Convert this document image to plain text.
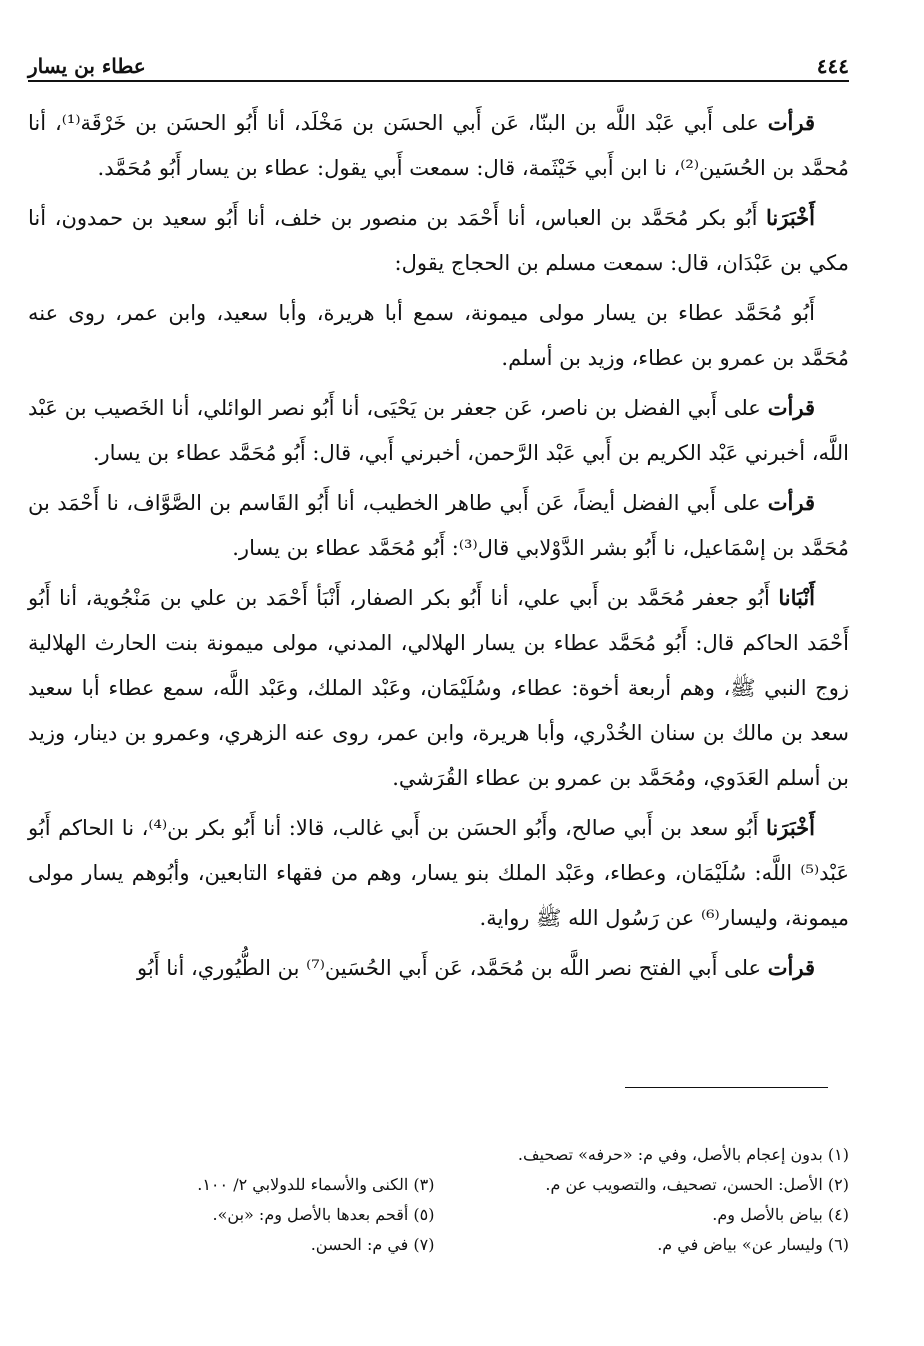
٤٤٤
عطاء بن يسار

قرأت على أَبي عَبْد اللَّه بن البنّا، عَن أَبي الحسَن بن مَخْلَد، أنا أَبُو الحسَن بن خَرْقَة⁽¹⁾، أنا مُحمَّد بن الحُسَين⁽²⁾، نا ابن أَبي خَيْثَمة، قال: سمعت أَبي يقول: عطاء بن يسار أَبُو مُحَمَّد.

أَخْبَرَنا أَبُو بكر مُحَمَّد بن العباس، أنا أَحْمَد بن منصور بن خلف، أنا أَبُو سعيد بن حمدون، أنا مكي بن عَبْدَان، قال: سمعت مسلم بن الحجاج يقول:

أَبُو مُحَمَّد عطاء بن يسار مولى ميمونة، سمع أبا هريرة، وأبا سعيد، وابن عمر، روى عنه مُحَمَّد بن عمرو بن عطاء، وزيد بن أسلم.

قرأت على أَبي الفضل بن ناصر، عَن جعفر بن يَحْيَى، أنا أَبُو نصر الوائلي، أنا الخَصيب بن عَبْد اللَّه، أخبرني عَبْد الكريم بن أَبي عَبْد الرَّحمن، أخبرني أَبي، قال: أَبُو مُحَمَّد عطاء بن يسار.

قرأت على أَبي الفضل أيضاً، عَن أَبي طاهر الخطيب، أنا أَبُو القَاسم بن الصَّوَّاف، نا أَحْمَد بن مُحَمَّد بن إسْمَاعيل، نا أَبُو بشر الدَّوْلابي قال⁽³⁾: أَبُو مُحَمَّد عطاء بن يسار.

أَنْبَانا أَبُو جعفر مُحَمَّد بن أَبي علي، أنا أَبُو بكر الصفار، أَنْبَأ أَحْمَد بن علي بن مَنْجُوية، أنا أَبُو أَحْمَد الحاكم قال: أَبُو مُحَمَّد عطاء بن يسار الهلالي، المدني، مولى ميمونة بنت الحارث الهلالية زوج النبي ﷺ، وهم أربعة أخوة: عطاء، وسُلَيْمَان، وعَبْد الملك، وعَبْد اللَّه، سمع عطاء أبا سعيد سعد بن مالك بن سنان الخُدْري، وأبا هريرة، وابن عمر، روى عنه الزهري، وعمرو بن دينار، وزيد بن أسلم العَدَوي، ومُحَمَّد بن عمرو بن عطاء القُرَشي.

أَخْبَرَنا أَبُو سعد بن أَبي صالح، وأَبُو الحسَن بن أَبي غالب، قالا: أنا أَبُو بكر بن⁽⁴⁾، نا الحاكم أَبُو عَبْد⁽⁵⁾ اللَّه: سُلَيْمَان، وعطاء، وعَبْد الملك بنو يسار، وهم من فقهاء التابعين، وأبُوهم يسار مولى ميمونة، وليسار⁽⁶⁾ عن رَسُول الله ﷺ رواية.

قرأت على أَبي الفتح نصر اللَّه بن مُحَمَّد، عَن أَبي الحُسَين⁽⁷⁾ بن الطُّيُوري، أنا أَبُو

(١) بدون إعجام بالأصل، وفي م: «حرفه» تصحيف.
(٢) الأصل: الحسن، تصحيف، والتصويب عن م.
(٤) بياض بالأصل وم.
(٦) وليسار عن» بياض في م.
(٣) الكنى والأسماء للدولابي ٢/ ١٠٠.
(٥) أقحم بعدها بالأصل وم: «بن».
(٧) في م: الحسن.
